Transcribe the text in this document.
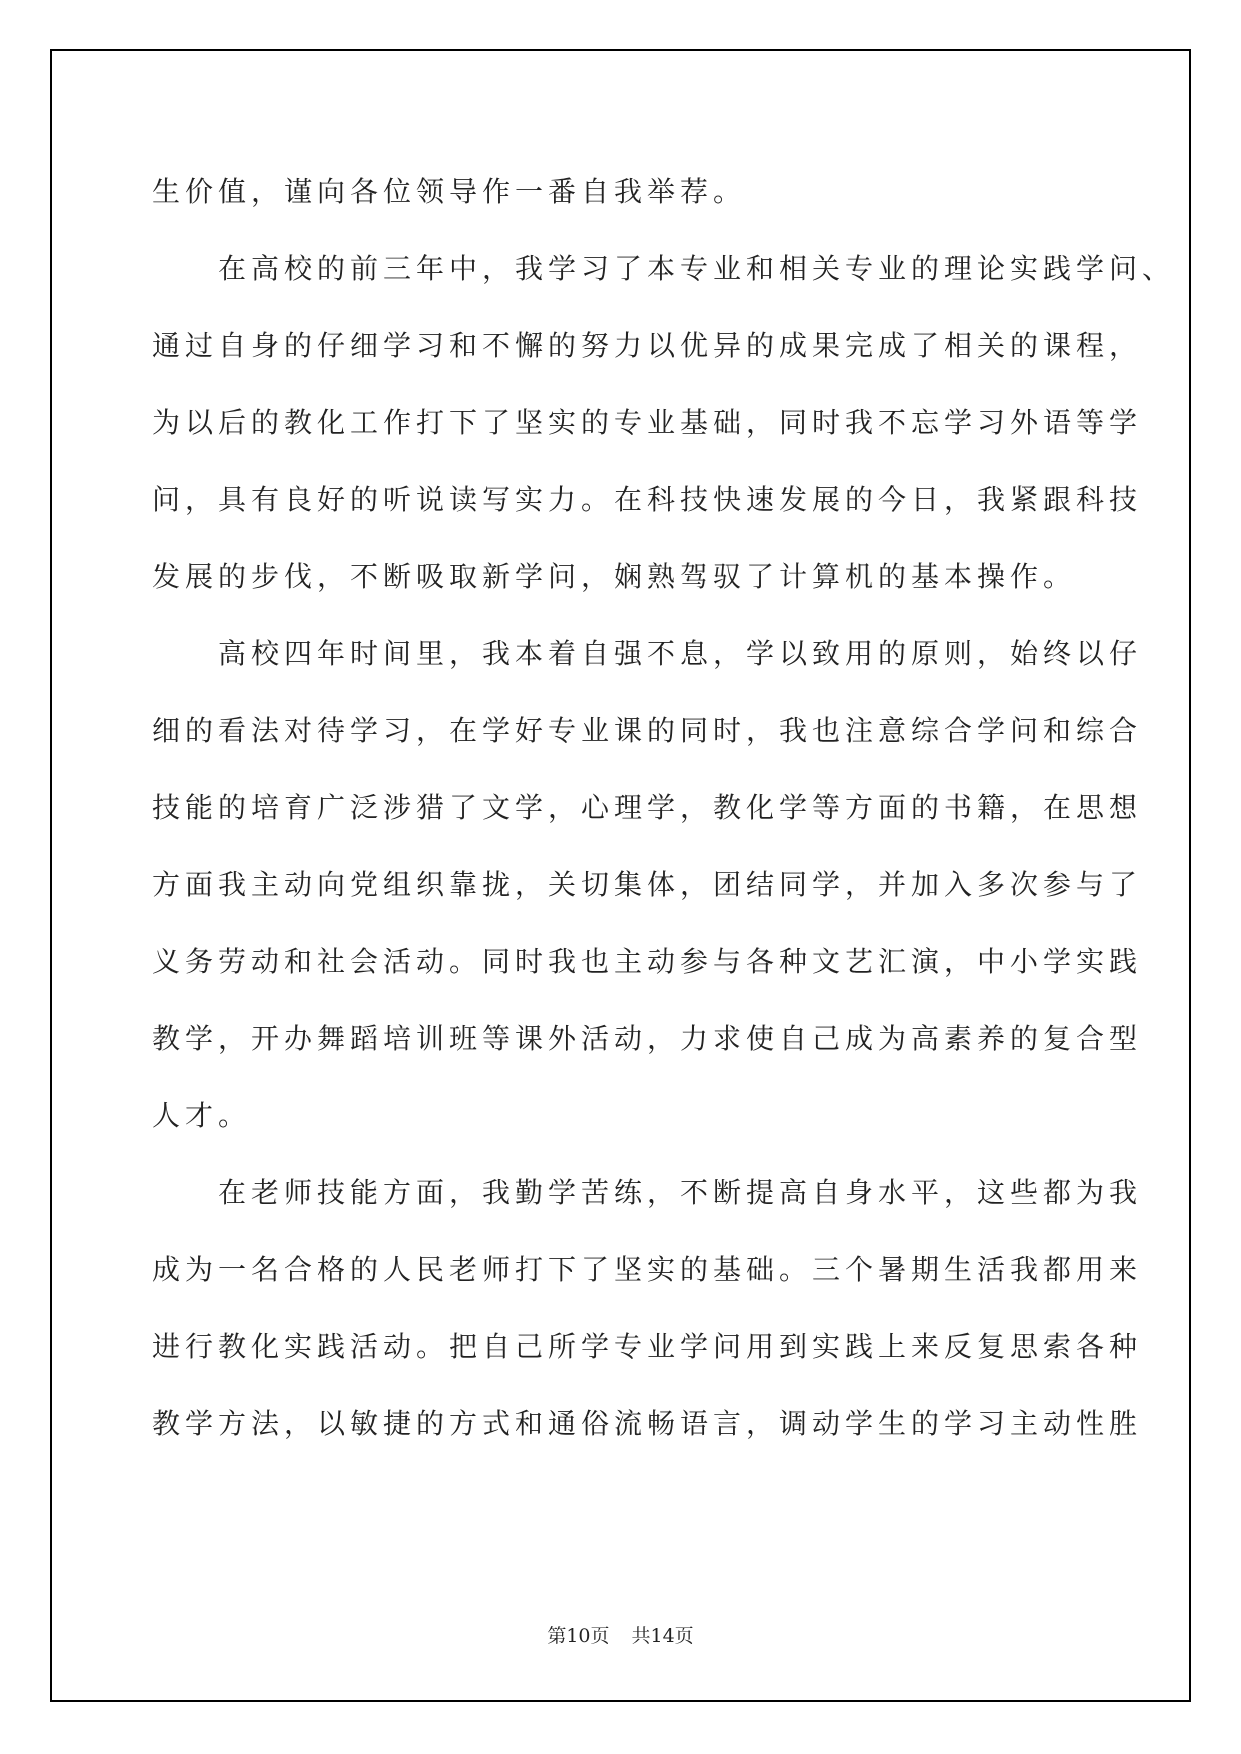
生价值，谨向各位领导作一番自我举荐。
　　在高校的前三年中，我学习了本专业和相关专业的理论实践学问、
通过自身的仔细学习和不懈的努力以优异的成果完成了相关的课程，
为以后的教化工作打下了坚实的专业基础，同时我不忘学习外语等学
问，具有良好的听说读写实力。在科技快速发展的今日，我紧跟科技
发展的步伐，不断吸取新学问，娴熟驾驭了计算机的基本操作。
　　高校四年时间里，我本着自强不息，学以致用的原则，始终以仔
细的看法对待学习，在学好专业课的同时，我也注意综合学问和综合
技能的培育广泛涉猎了文学，心理学，教化学等方面的书籍，在思想
方面我主动向党组织靠拢，关切集体，团结同学，并加入多次参与了
义务劳动和社会活动。同时我也主动参与各种文艺汇演，中小学实践
教学，开办舞蹈培训班等课外活动，力求使自己成为高素养的复合型
人才。
　　在老师技能方面，我勤学苦练，不断提高自身水平，这些都为我
成为一名合格的人民老师打下了坚实的基础。三个暑期生活我都用来
进行教化实践活动。把自己所学专业学问用到实践上来反复思索各种
教学方法，以敏捷的方式和通俗流畅语言，调动学生的学习主动性胜
第10页 共14页
